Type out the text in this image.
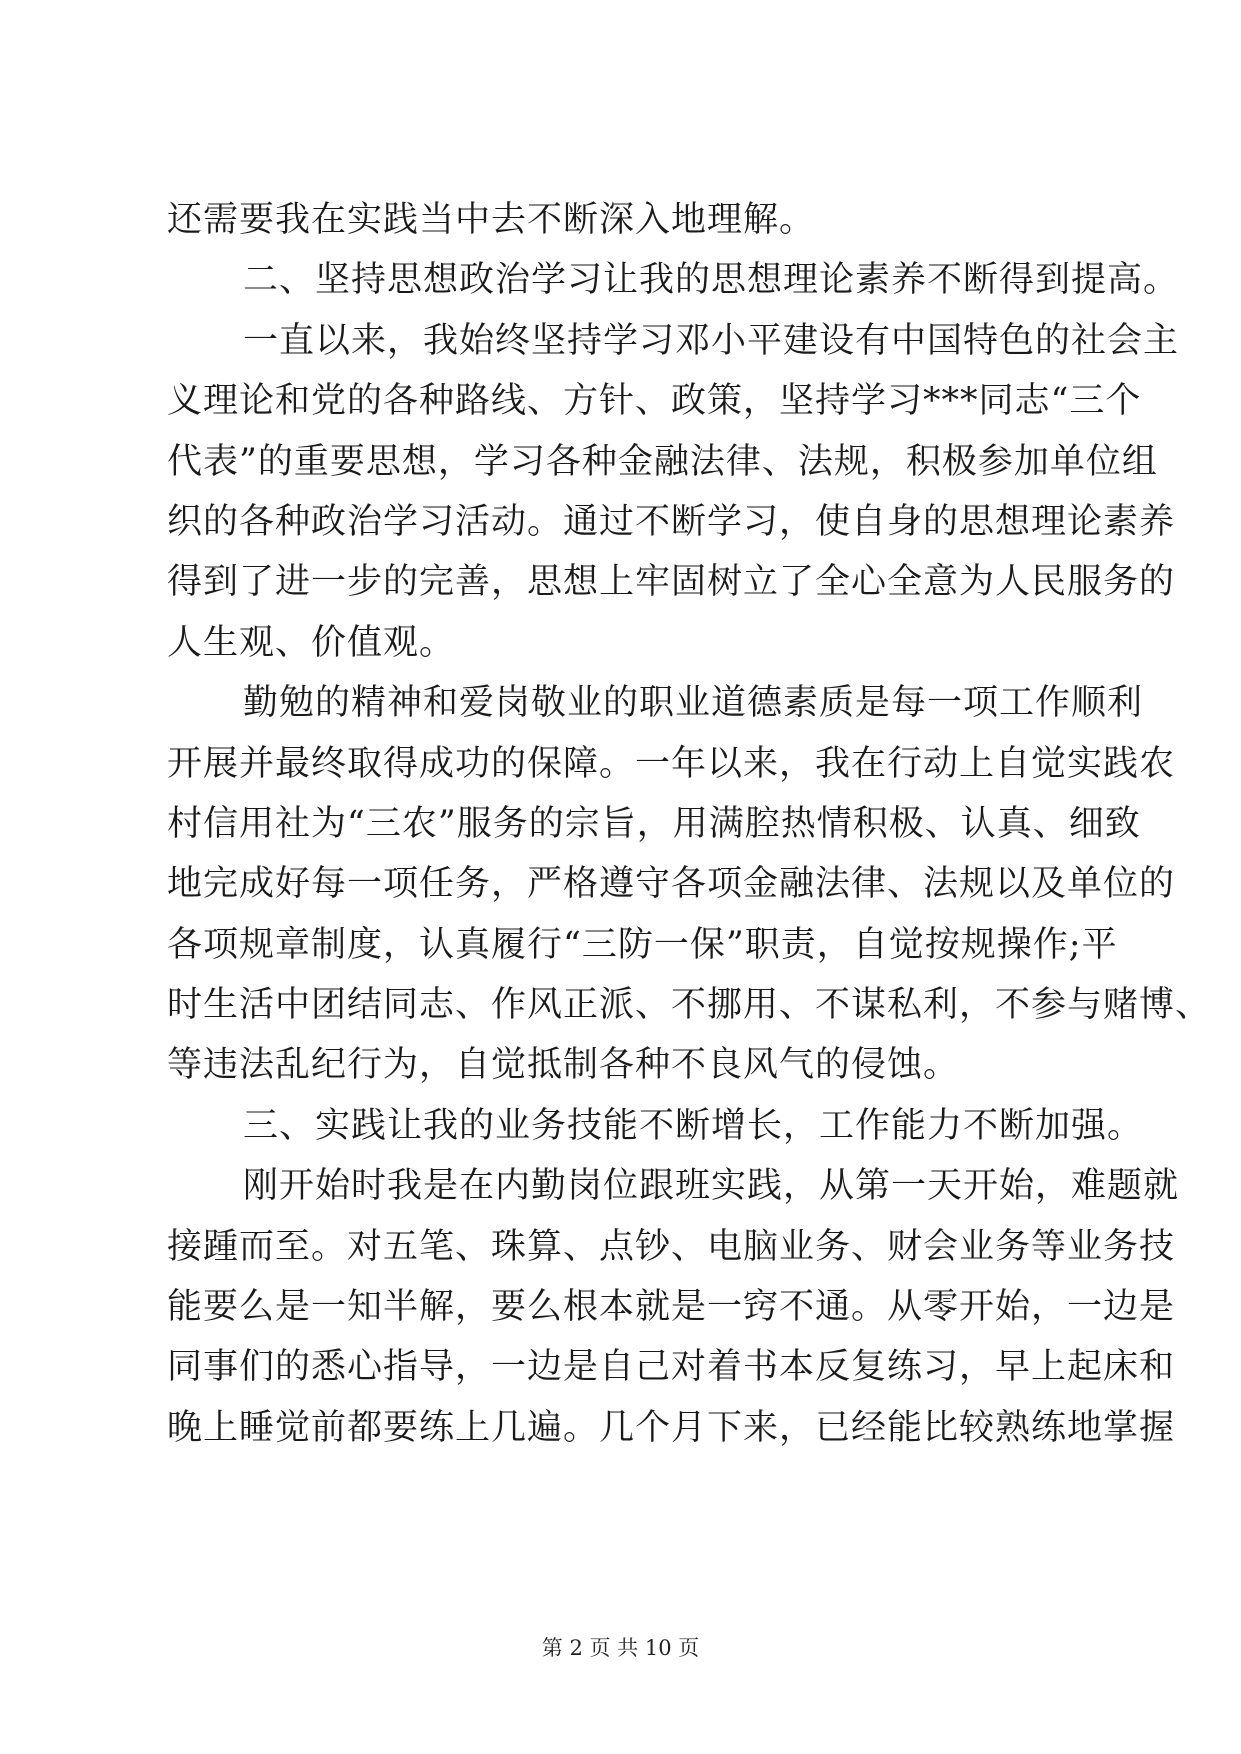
还需要我在实践当中去不断深入地理解。
二、坚持思想政治学习让我的思想理论素养不断得到提高。
一直以来，我始终坚持学习邓小平建设有中国特色的社会主
义理论和党的各种路线、方针、政策，坚持学习***同志“三个
代表”的重要思想，学习各种金融法律、法规，积极参加单位组
织的各种政治学习活动。通过不断学习，使自身的思想理论素养
得到了进一步的完善，思想上牢固树立了全心全意为人民服务的
人生观、价值观。
勤勉的精神和爱岗敬业的职业道德素质是每一项工作顺利
开展并最终取得成功的保障。一年以来，我在行动上自觉实践农
村信用社为“三农”服务的宗旨，用满腔热情积极、认真、细致
地完成好每一项任务，严格遵守各项金融法律、法规以及单位的
各项规章制度，认真履行“三防一保”职责，自觉按规操作;平
时生活中团结同志、作风正派、不挪用、不谋私利，不参与赌博、
等违法乱纪行为，自觉抵制各种不良风气的侵蚀。
三、实践让我的业务技能不断增长，工作能力不断加强。
刚开始时我是在内勤岗位跟班实践，从第一天开始，难题就
接踵而至。对五笔、珠算、点钞、电脑业务、财会业务等业务技
能要么是一知半解，要么根本就是一窍不通。从零开始，一边是
同事们的悉心指导，一边是自己对着书本反复练习，早上起床和
晚上睡觉前都要练上几遍。几个月下来，已经能比较熟练地掌握
第 2 页 共 10 页
